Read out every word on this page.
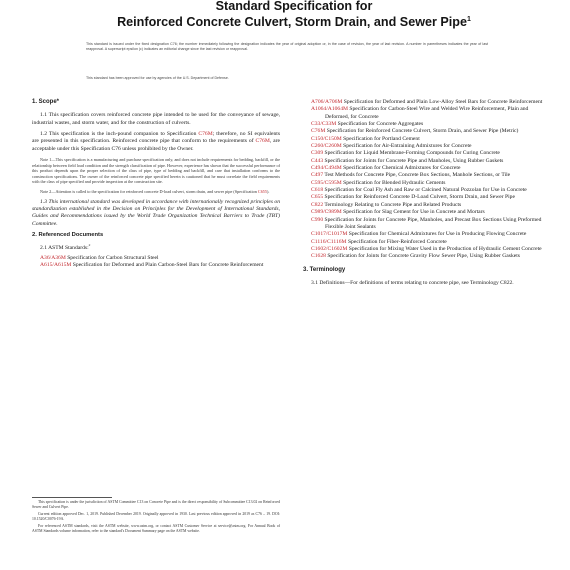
Standard Specification for
Reinforced Concrete Culvert, Storm Drain, and Sewer Pipe$^1$
This standard is issued under the fixed designation C76; the number immediately following the designation indicates the year of original adoption or, in the case of revision, the year of last revision. A number in parentheses indicates the year of last reapproval. A superscript epsilon (ε) indicates an editorial change since the last revision or reapproval.
This standard has been approved for use by agencies of the U.S. Department of Defense.
1. Scope*

1.1 This specification covers reinforced concrete pipe intended to be used for the conveyance of sewage, industrial wastes, and storm water, and for the construction of culverts.

1.2 This specification is the inch-pound companion to Specification C76M; therefore, no SI equivalents are presented in this specification. Reinforced concrete pipe that conform to the requirements of C76M, are acceptable under this Specification C76 unless prohibited by the Owner.

Note 1—This specification is a manufacturing and purchase specification only, and does not include requirements for bedding, backfill, or the relationship between field load condition and the strength classification of pipe. However, experience has shown that the successful performance of this product depends upon the proper selection of the class of pipe, type of bedding and backfill, and care that installation conforms to the construction specifications. The owner of the reinforced concrete pipe specified herein is cautioned that he must correlate the field requirements with the class of pipe specified and provide inspection at the construction site.

Note 2—Attention is called to the specification for reinforced concrete D-load culvert, storm drain, and sewer pipe (Specification C655).

1.3 This international standard was developed in accordance with internationally recognized principles on standardization established in the Decision on Principles for the Development of International Standards, Guides and Recommendations issued by the World Trade Organization Technical Barriers to Trade (TBT) Committee.

2. Referenced Documents
2.1 ASTM Standards:$^2$
A36/A36M Specification for Carbon Structural Steel
A615/A615M Specification for Deformed and Plain Carbon-Steel Bars for Concrete Reinforcement

This specification is under the jurisdiction of ASTM Committee C13 on Concrete Pipe and is the direct responsibility of Subcommittee C13.02 on Reinforced Sewer and Culvert Pipe.

Current edition approved Dec. 1, 2019. Published December 2019. Originally approved in 1930. Last previous edition approved in 2019 as C76 – 19. DOI: 10.1520/C0076-19A.

For referenced ASTM standards, visit the ASTM website, www.astm.org, or contact ASTM Customer Service at service@astm.org. For Annual Book of ASTM Standards volume information, refer to the standard's Document Summary page on the ASTM website.

A706/A706M Specification for Deformed and Plain Low-Alloy Steel Bars for Concrete Reinforcement
A1064/A1064M Specification for Carbon-Steel Wire and Welded Wire Reinforcement, Plain and Deformed, for Concrete
C33/C33M Specification for Concrete Aggregates
C76M Specification for Reinforced Concrete Culvert, Storm Drain, and Sewer Pipe (Metric)
C150/C150M Specification for Portland Cement
C260/C260M Specification for Air-Entraining Admixtures for Concrete
C309 Specification for Liquid Membrane-Forming Compounds for Curing Concrete
C443 Specification for Joints for Concrete Pipe and Manholes, Using Rubber Gaskets
C494/C494M Specification for Chemical Admixtures for Concrete
C497 Test Methods for Concrete Pipe, Concrete Box Sections, Manhole Sections, or Tile
C595/C595M Specification for Blended Hydraulic Cements
C618 Specification for Coal Fly Ash and Raw or Calcined Natural Pozzolan for Use in Concrete
C655 Specification for Reinforced Concrete D-Load Culvert, Storm Drain, and Sewer Pipe
C822 Terminology Relating to Concrete Pipe and Related Products
C989/C989M Specification for Slag Cement for Use in Concrete and Mortars
C990 Specification for Joints for Concrete Pipe, Manholes, and Precast Box Sections Using Preformed Flexible Joint Sealants
C1017/C1017M Specification for Chemical Admixtures for Use in Producing Flowing Concrete
C1116/C1116M Specification for Fiber-Reinforced Concrete
C1602/C1602M Specification for Mixing Water Used in the Production of Hydraulic Cement Concrete
C1628 Specification for Joints for Concrete Gravity Flow Sewer Pipe, Using Rubber Gaskets
3. Terminology

3.1 Definitions—For definitions of terms relating to concrete pipe, see Terminology C822.
